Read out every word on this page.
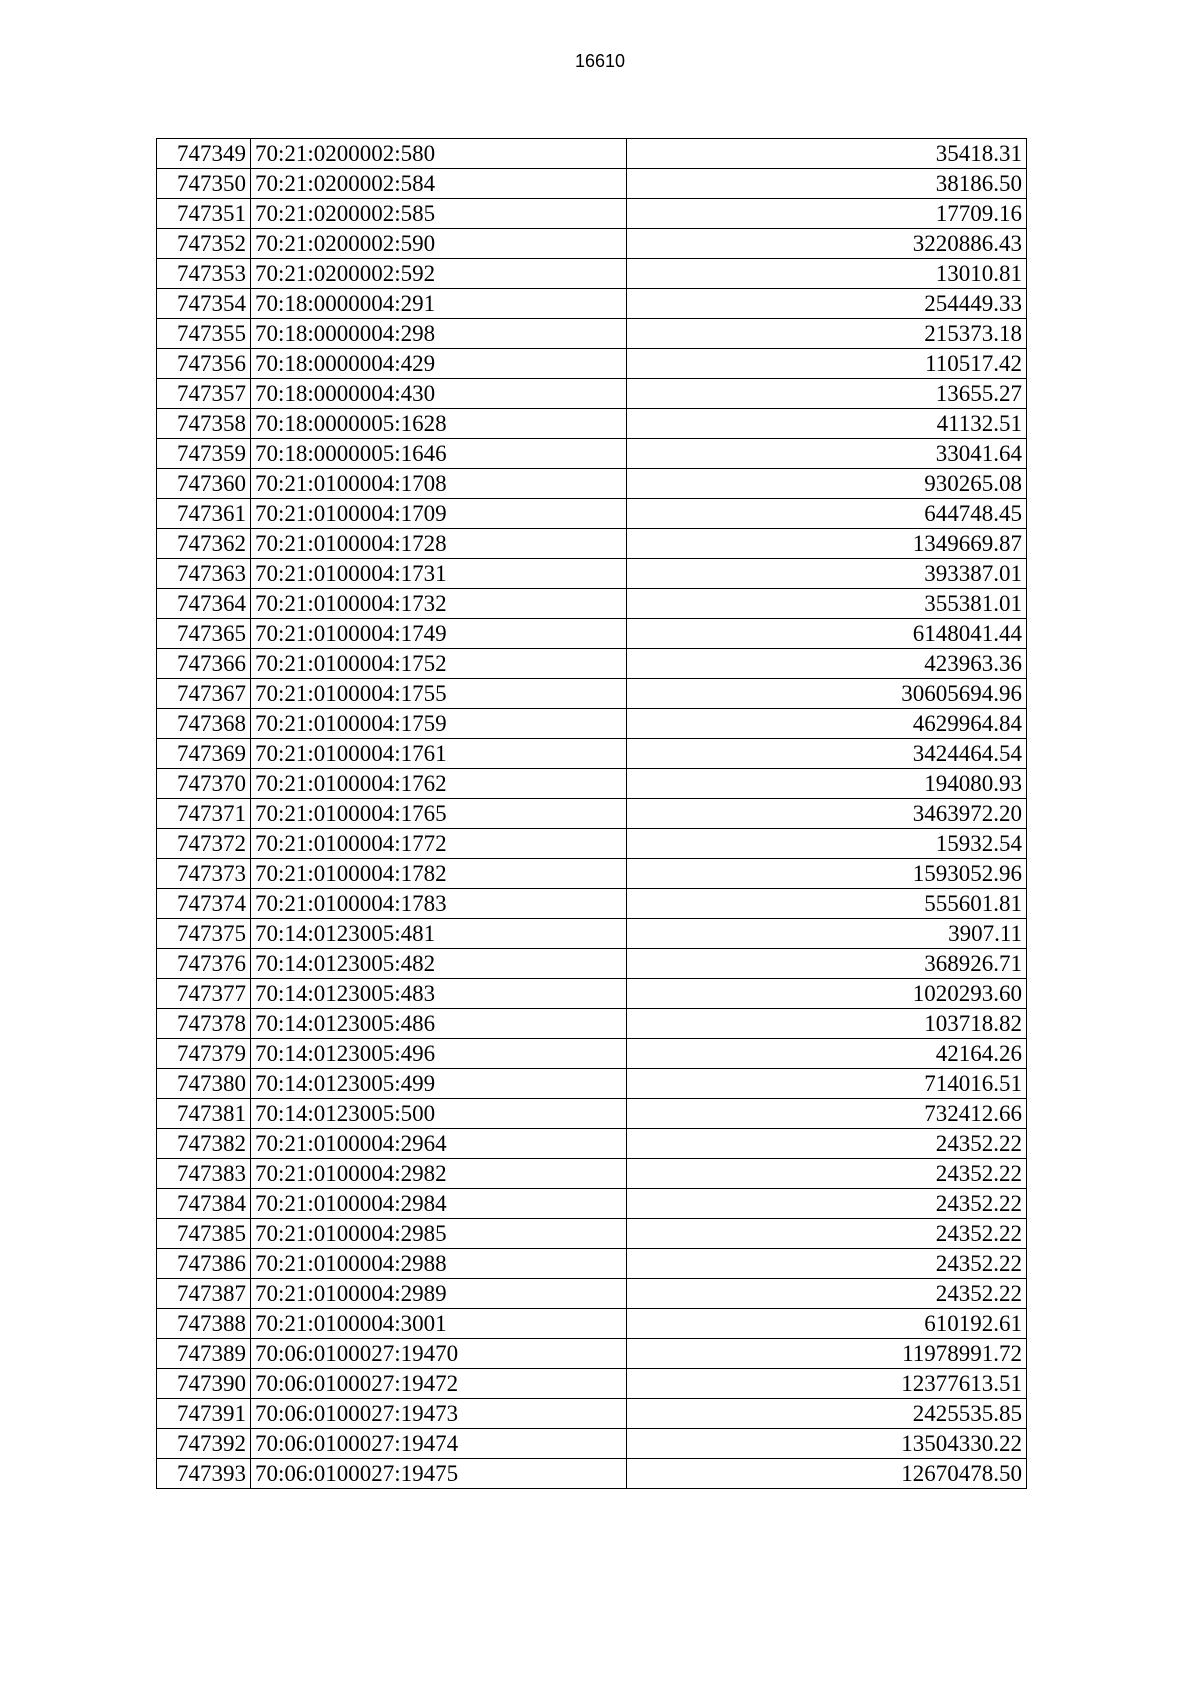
16610
747349	70:21:0200002:580	35418.31
747350	70:21:0200002:584	38186.50
747351	70:21:0200002:585	17709.16
747352	70:21:0200002:590	3220886.43
747353	70:21:0200002:592	13010.81
747354	70:18:0000004:291	254449.33
747355	70:18:0000004:298	215373.18
747356	70:18:0000004:429	110517.42
747357	70:18:0000004:430	13655.27
747358	70:18:0000005:1628	41132.51
747359	70:18:0000005:1646	33041.64
747360	70:21:0100004:1708	930265.08
747361	70:21:0100004:1709	644748.45
747362	70:21:0100004:1728	1349669.87
747363	70:21:0100004:1731	393387.01
747364	70:21:0100004:1732	355381.01
747365	70:21:0100004:1749	6148041.44
747366	70:21:0100004:1752	423963.36
747367	70:21:0100004:1755	30605694.96
747368	70:21:0100004:1759	4629964.84
747369	70:21:0100004:1761	3424464.54
747370	70:21:0100004:1762	194080.93
747371	70:21:0100004:1765	3463972.20
747372	70:21:0100004:1772	15932.54
747373	70:21:0100004:1782	1593052.96
747374	70:21:0100004:1783	555601.81
747375	70:14:0123005:481	3907.11
747376	70:14:0123005:482	368926.71
747377	70:14:0123005:483	1020293.60
747378	70:14:0123005:486	103718.82
747379	70:14:0123005:496	42164.26
747380	70:14:0123005:499	714016.51
747381	70:14:0123005:500	732412.66
747382	70:21:0100004:2964	24352.22
747383	70:21:0100004:2982	24352.22
747384	70:21:0100004:2984	24352.22
747385	70:21:0100004:2985	24352.22
747386	70:21:0100004:2988	24352.22
747387	70:21:0100004:2989	24352.22
747388	70:21:0100004:3001	610192.61
747389	70:06:0100027:19470	11978991.72
747390	70:06:0100027:19472	12377613.51
747391	70:06:0100027:19473	2425535.85
747392	70:06:0100027:19474	13504330.22
747393	70:06:0100027:19475	12670478.50
